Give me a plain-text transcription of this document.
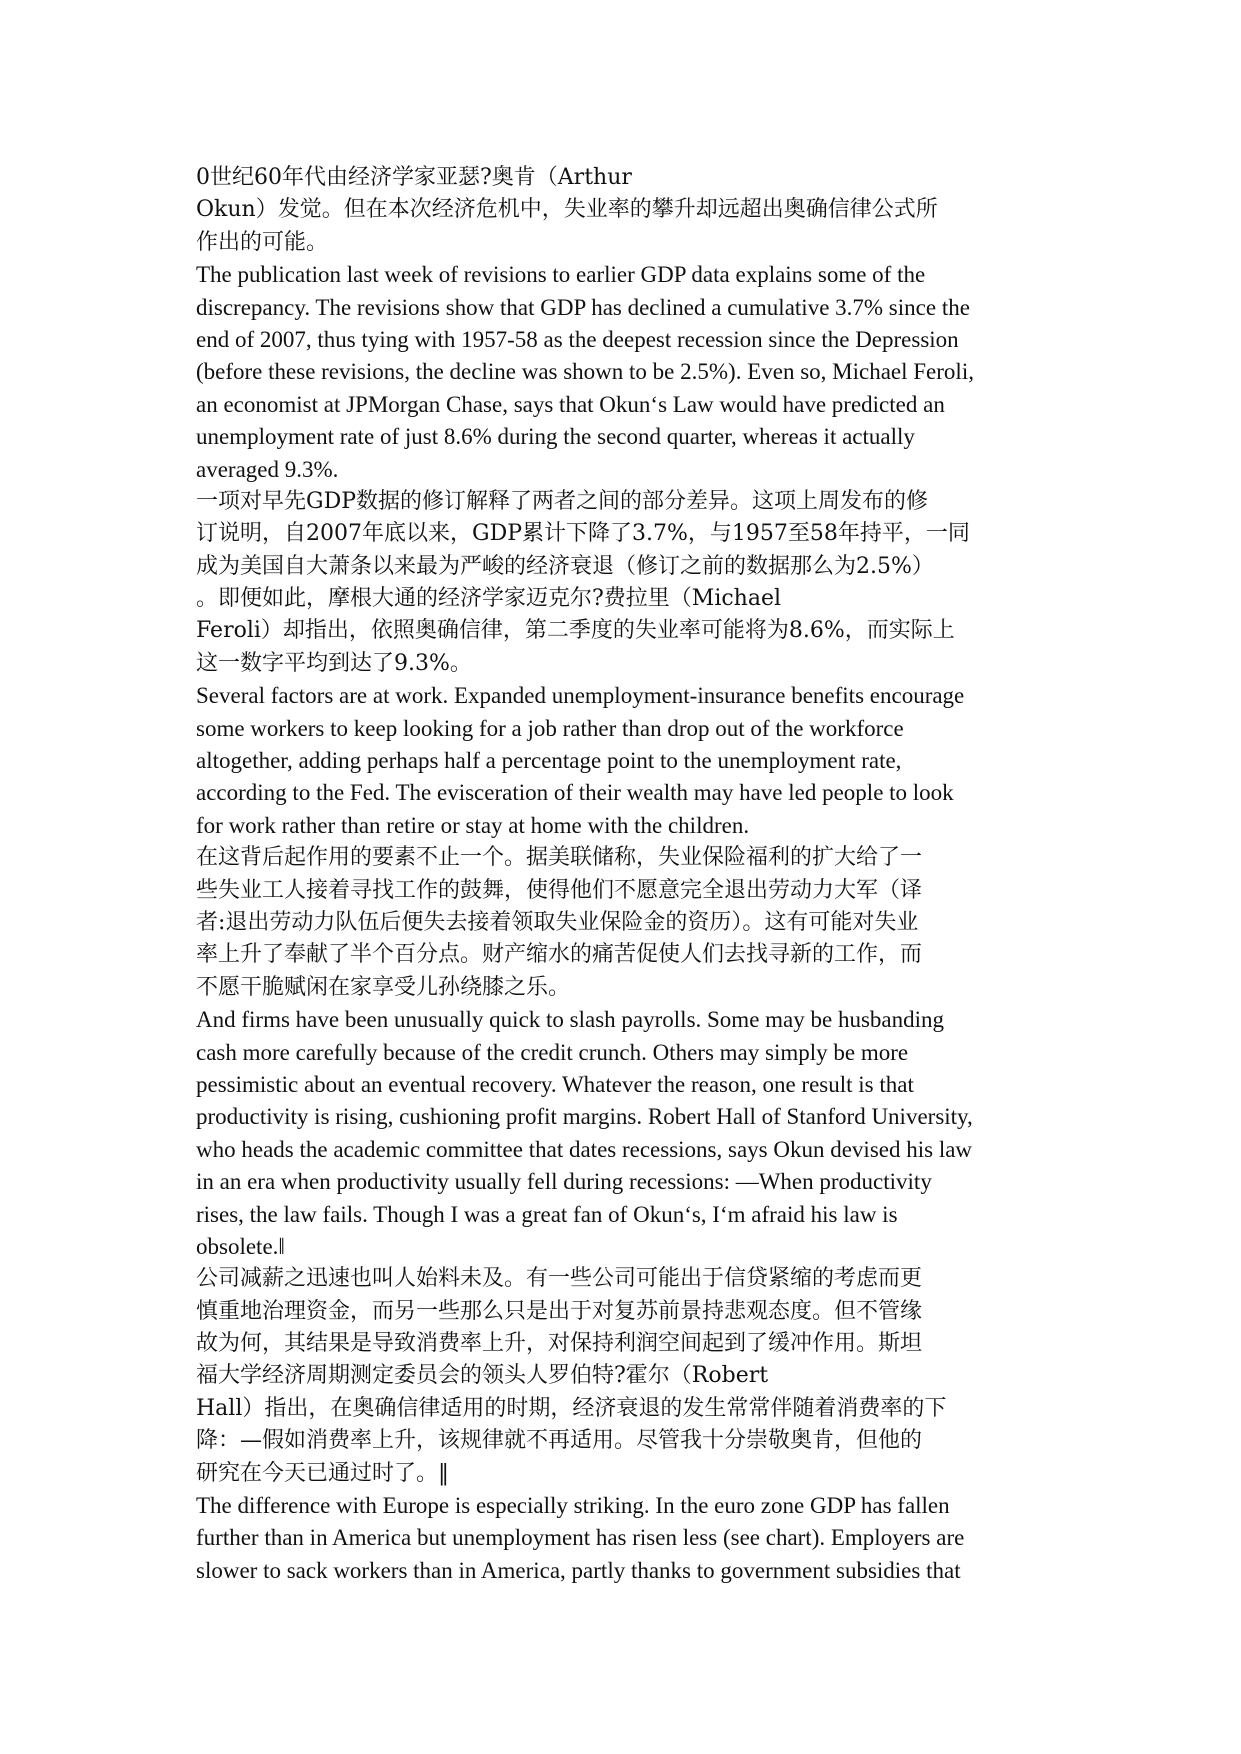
0世纪60年代由经济学家亚瑟?奥肯（Arthur
Okun）发觉。但在本次经济危机中，失业率的攀升却远超出奥确信律公式所
作出的可能。
The publication last week of revisions to earlier GDP data explains some of the
discrepancy. The revisions show that GDP has declined a cumulative 3.7% since the
end of 2007, thus tying with 1957-58 as the deepest recession since the Depression
(before these revisions, the decline was shown to be 2.5%). Even so, Michael Feroli,
an economist at JPMorgan Chase, says that Okun‘s Law would have predicted an
unemployment rate of just 8.6% during the second quarter, whereas it actually
averaged 9.3%.
一项对早先GDP数据的修订解释了两者之间的部分差异。这项上周发布的修
订说明，自2007年底以来，GDP累计下降了3.7%，与1957至58年持平，一同
成为美国自大萧条以来最为严峻的经济衰退（修订之前的数据那么为2.5%）
。即便如此，摩根大通的经济学家迈克尔?费拉里（Michael
Feroli）却指出，依照奥确信律，第二季度的失业率可能将为8.6%，而实际上
这一数字平均到达了9.3%。
Several factors are at work. Expanded unemployment-insurance benefits encourage
some workers to keep looking for a job rather than drop out of the workforce
altogether, adding perhaps half a percentage point to the unemployment rate,
according to the Fed. The evisceration of their wealth may have led people to look
for work rather than retire or stay at home with the children.
在这背后起作用的要素不止一个。据美联储称，失业保险福利的扩大给了一
些失业工人接着寻找工作的鼓舞，使得他们不愿意完全退出劳动力大军（译
者:退出劳动力队伍后便失去接着领取失业保险金的资历）。这有可能对失业
率上升了奉献了半个百分点。财产缩水的痛苦促使人们去找寻新的工作，而
不愿干脆赋闲在家享受儿孙绕膝之乐。
And firms have been unusually quick to slash payrolls. Some may be husbanding
cash more carefully because of the credit crunch. Others may simply be more
pessimistic about an eventual recovery. Whatever the reason, one result is that
productivity is rising, cushioning profit margins. Robert Hall of Stanford University,
who heads the academic committee that dates recessions, says Okun devised his law
in an era when productivity usually fell during recessions: —When productivity
rises, the law fails. Though I was a great fan of Okun‘s, I‘m afraid his law is
obsolete.‖
公司减薪之迅速也叫人始料未及。有一些公司可能出于信贷紧缩的考虑而更
慎重地治理资金，而另一些那么只是出于对复苏前景持悲观态度。但不管缘
故为何，其结果是导致消费率上升，对保持利润空间起到了缓冲作用。斯坦
福大学经济周期测定委员会的领头人罗伯特?霍尔（Robert
Hall）指出，在奥确信律适用的时期，经济衰退的发生常常伴随着消费率的下
降：—假如消费率上升，该规律就不再适用。尽管我十分崇敬奥肯，但他的
研究在今天已通过时了。‖
The difference with Europe is especially striking. In the euro zone GDP has fallen
further than in America but unemployment has risen less (see chart). Employers are
slower to sack workers than in America, partly thanks to government subsidies that
